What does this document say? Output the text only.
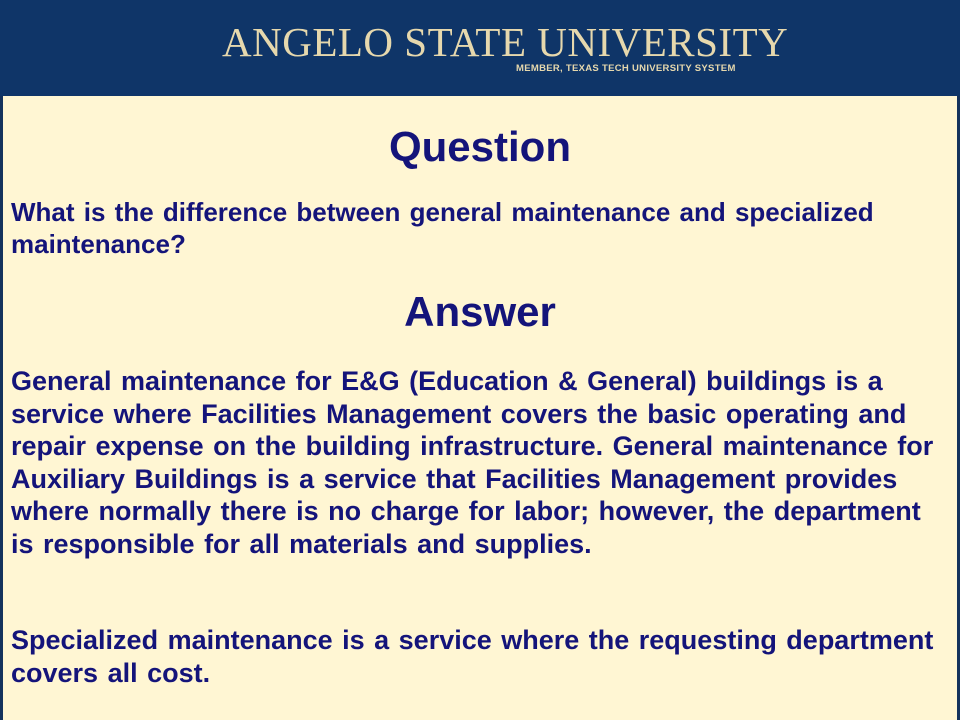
ANGELO STATE UNIVERSITY
MEMBER, TEXAS TECH UNIVERSITY SYSTEM
Question
What is the difference between general maintenance and specialized maintenance?
Answer
General maintenance for E&G (Education & General) buildings is a service where Facilities Management covers the basic operating and repair expense on the building infrastructure. General maintenance for Auxiliary Buildings is a service that Facilities Management provides where normally there is no charge for labor; however, the department is responsible for all materials and supplies.
Specialized maintenance is a service where the requesting department covers all cost.
